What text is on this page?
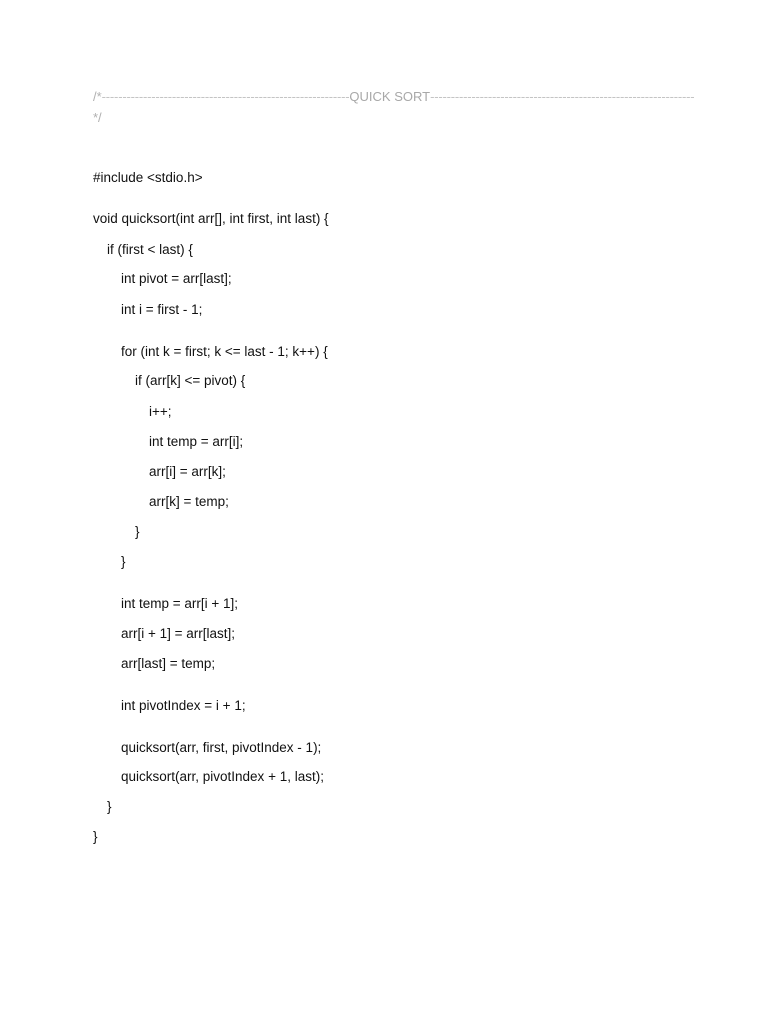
/*------------------------------------------------------------QUICK SORT----------------------------------------------------------------
*/
#include <stdio.h>
void quicksort(int arr[], int first, int last) {
if (first < last) {
int pivot = arr[last];
int i = first - 1;
for (int k = first; k <= last - 1; k++) {
if (arr[k] <= pivot) {
i++;
int temp = arr[i];
arr[i] = arr[k];
arr[k] = temp;
}
}
int temp = arr[i + 1];
arr[i + 1] = arr[last];
arr[last] = temp;
int pivotIndex = i + 1;
quicksort(arr, first, pivotIndex - 1);
quicksort(arr, pivotIndex + 1, last);
}
}
